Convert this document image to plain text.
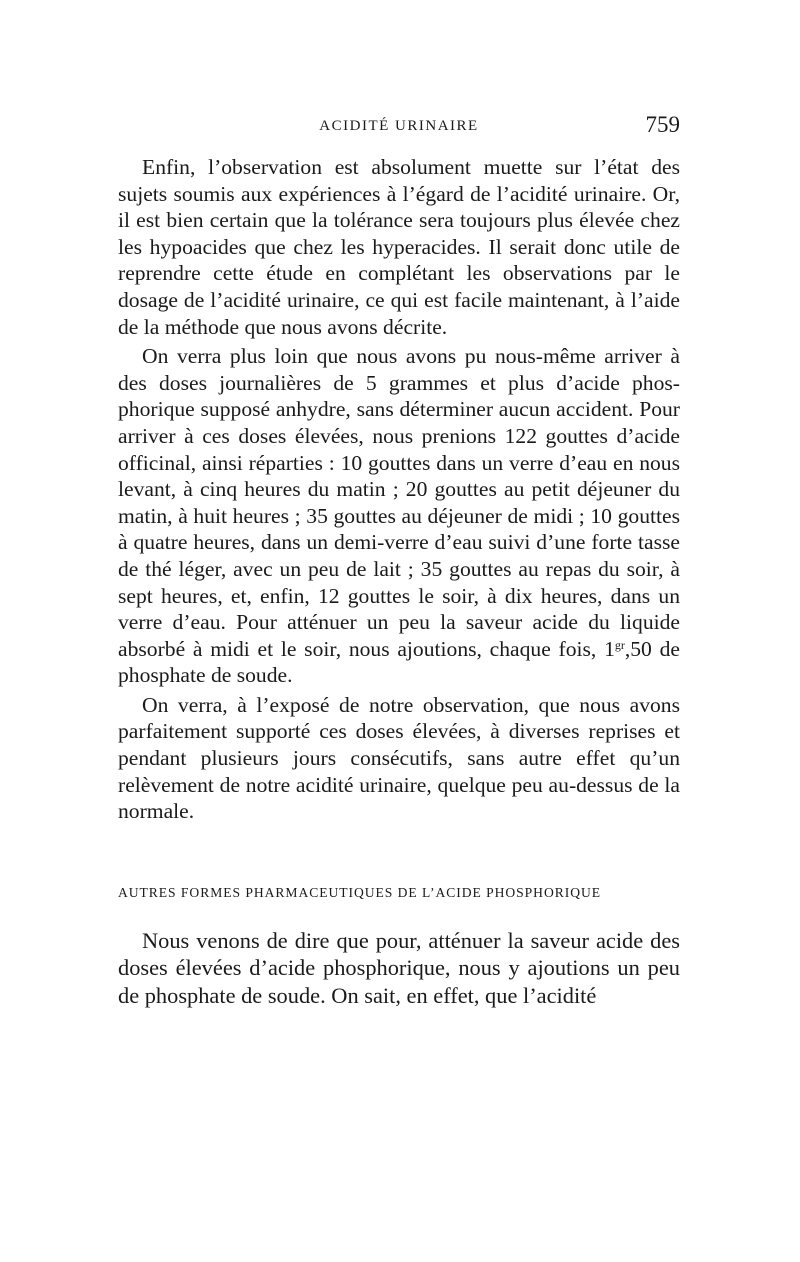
ACIDITÉ URINAIRE	759

Enfin, l’observation est absolument muette sur l’état des sujets soumis aux expériences à l’égard de l’acidité urinaire. Or, il est bien certain que la tolérance sera toujours plus élevée chez les hypoacides que chez les hyperacides. Il serait donc utile de reprendre cette étude en complétant les observations par le dosage de l’acidité urinaire, ce qui est facile maintenant, à l’aide de la méthode que nous avons décrite.

On verra plus loin que nous avons pu nous-même arriver à des doses journalières de 5 grammes et plus d’acide phosphorique supposé anhydre, sans déterminer aucun accident. Pour arriver à ces doses élevées, nous prenions 122 gouttes d’acide officinal, ainsi réparties : 10 gouttes dans un verre d’eau en nous levant, à cinq heures du matin ; 20 gouttes au petit déjeuner du matin, à huit heures ; 35 gouttes au déjeuner de midi ; 10 gouttes à quatre heures, dans un demi-verre d’eau suivi d’une forte tasse de thé léger, avec un peu de lait ; 35 gouttes au repas du soir, à sept heures, et, enfin, 12 gouttes le soir, à dix heures, dans un verre d’eau. Pour atténuer un peu la saveur acide du liquide absorbé à midi et le soir, nous ajoutions, chaque fois, $1^{gr},50$ de phosphate de soude.

On verra, à l’exposé de notre observation, que nous avons parfaitement supporté ces doses élevées, à diverses reprises et pendant plusieurs jours consécutifs, sans autre effet qu’un relèvement de notre acidité urinaire, quelque peu au-dessus de la normale.

AUTRES FORMES PHARMACEUTIQUES DE L’ACIDE PHOSPHORIQUE

Nous venons de dire que pour, atténuer la saveur acide des doses élevées d’acide phosphorique, nous y ajoutions un peu de phosphate de soude. On sait, en effet, que l’acidité
